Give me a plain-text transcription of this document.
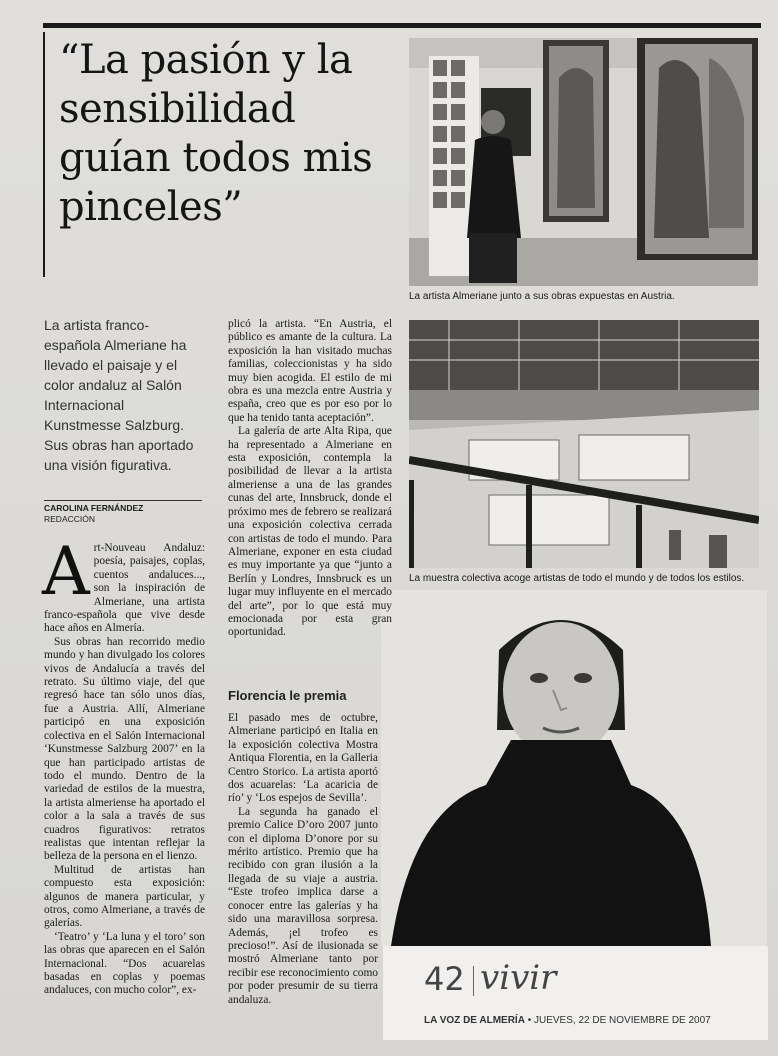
“La pasión y la sensibilidad guían todos mis pinceles”

La artista Almeriane junto a sus obras expuestas en Austria.

La muestra colectiva acoge artistas de todo el mundo y de todos los estilos.

La artista franco-española Almeriane ha llevado el paisaje y el color andaluz al Salón Internacional Kunstmesse Salzburg. Sus obras han aportado una visión figurativa.

CAROLINA FERNÁNDEZ
REDACCIÓN

Art-Nouveau Andaluz: poesía, paisajes, coplas, cuentos andaluces..., son la inspiración de Almeriane, una artista franco-española que vive desde hace años en Almería.

Sus obras han recorrido medio mundo y han divulgado los colores vivos de Andalucía a través del retrato. Su último viaje, del que regresó hace tan sólo unos días, fue a Austria. Allí, Almeriane participó en una exposición colectiva en el Salón Internacional ‘Kunstmesse Salzburg 2007’ en la que han participado artistas de todo el mundo. Dentro de la variedad de estilos de la muestra, la artista almeriense ha aportado el color a la sala a través de sus cuadros figurativos: retratos realistas que intentan reflejar la belleza de la persona en el lienzo.

Multitud de artistas han compuesto esta exposición: algunos de manera particular, y otros, como Almeriane, a través de galerías.

‘Teatro’ y ‘La luna y el toro’ son las obras que aparecen en el Salón Internacional. “Dos acuarelas basadas en coplas y poemas andaluces, con mucho color”, ex-

plicó la artista. “En Austria, el público es amante de la cultura. La exposición la han visitado muchas familias, coleccionistas y ha sido muy bien acogida. El estilo de mi obra es una mezcla entre Austria y españa, creo que es por eso por lo que ha tenido tanta aceptación”.

La galería de arte Alta Ripa, que ha representado a Almeriane en esta exposición, contempla la posibilidad de llevar a la artista almeriense a una de las grandes cunas del arte, Innsbruck, donde el próximo mes de febrero se realizará una exposición colectiva cerrada con artistas de todo el mundo. Para Almeriane, exponer en esta ciudad es muy importante ya que “junto a Berlín y Londres, Innsbruck es un lugar muy influyente en el mercado del arte”, por lo que está muy emocionada por esta gran oportunidad.

Florencia le premia

El pasado mes de octubre, Almeriane participó en Italia en la exposición colectiva Mostra Antiqua Florentia, en la Galleria Centro Storico. La artista aportó dos acuarelas: ‘La acaricia de río’ y ‘Los espejos de Sevilla’.

La segunda ha ganado el premio Calice D’oro 2007 junto con el diploma D’onore por su mérito artístico. Premio que ha recibido con gran ilusión a la llegada de su viaje a austria. “Este trofeo implica darse a conocer entre las galerías y ha sido una maravillosa sorpresa. Además, ¡el trofeo es precioso!”. Así de ilusionada se mostró Almeriane tanto por recibir ese reconocimiento como por poder presumir de su tierra andaluza.

42 vivir

LA VOZ DE ALMERÍA • JUEVES, 22 DE NOVIEMBRE DE 2007
